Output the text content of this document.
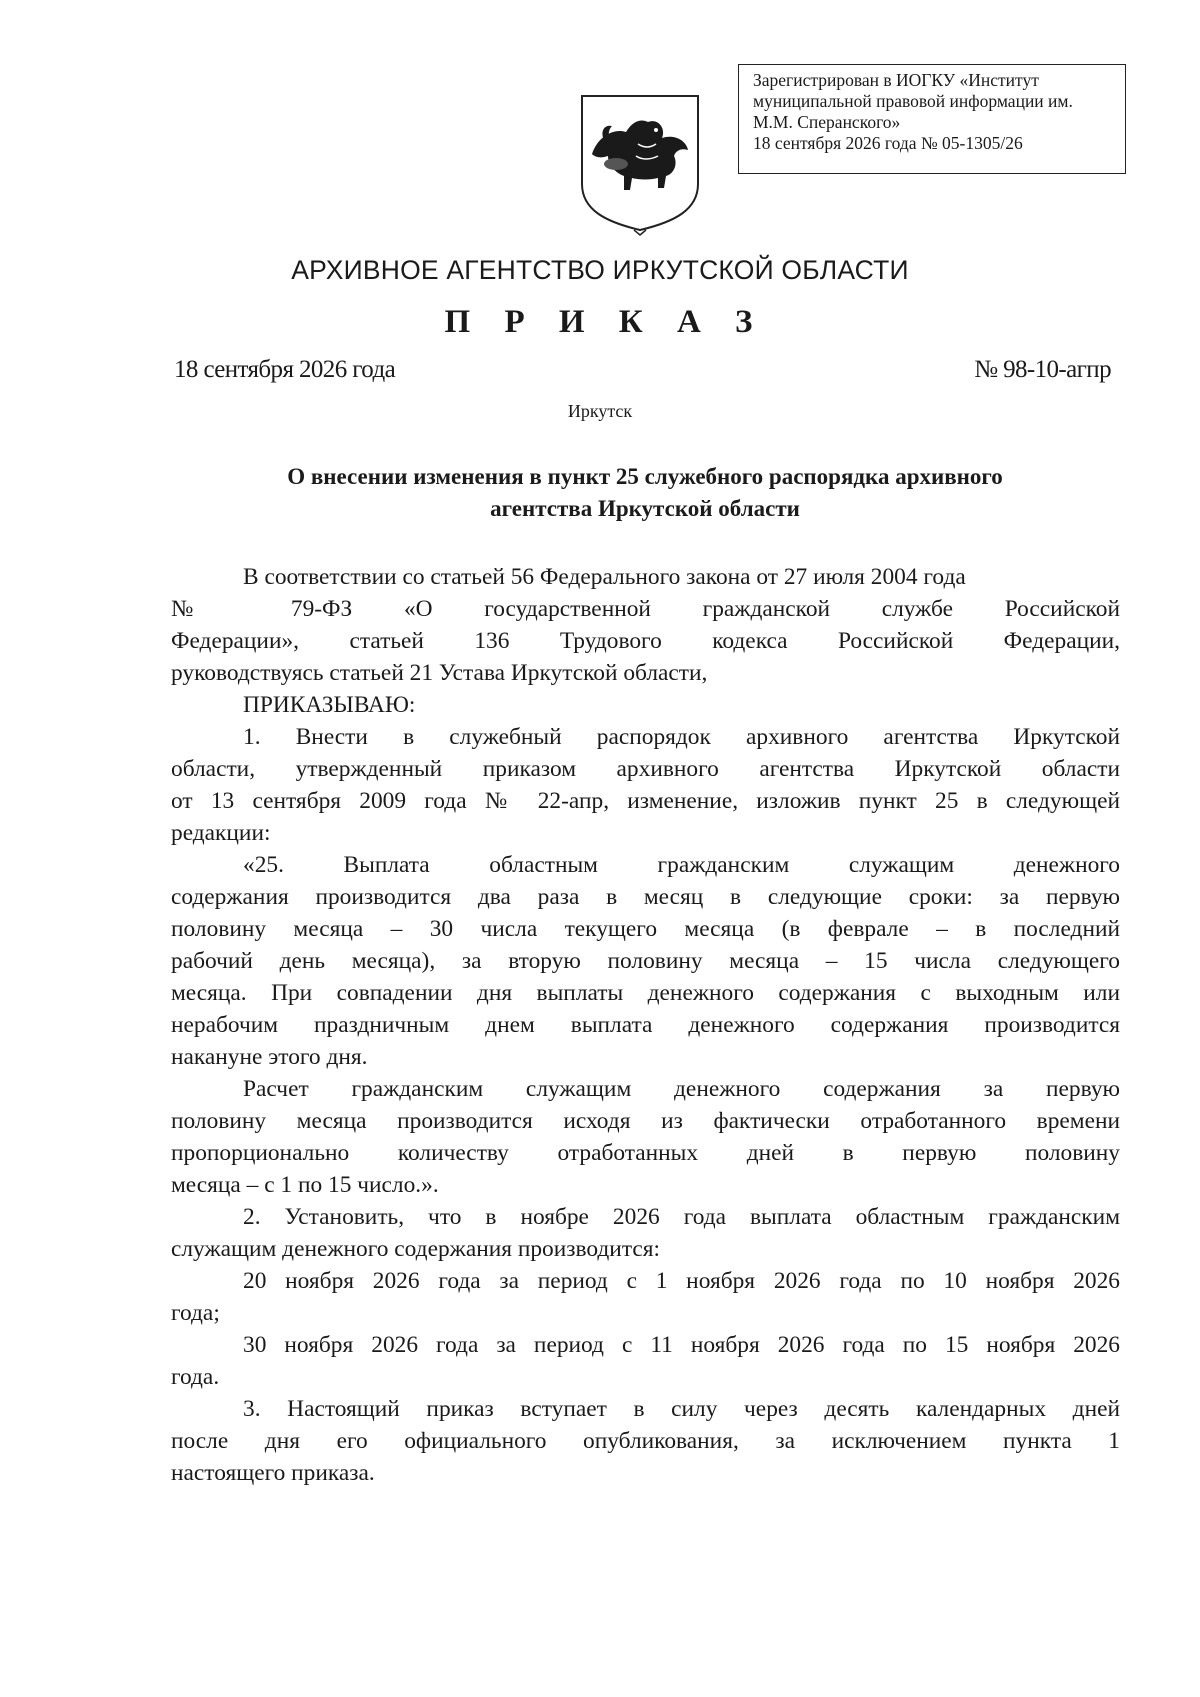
Зарегистрирован в ИОГКУ «Институт
муниципальной правовой информации им.
М.М. Сперанского»
18 сентября 2026 года № 05-1305/26
АРХИВНОЕ АГЕНТСТВО ИРКУТСКОЙ ОБЛАСТИ
П Р И К А З
18 сентября 2026 года	№ 98-10-агпр
Иркутск
О внесении изменения в пункт 25 служебного распорядка архивного
агентства Иркутской области
В соответствии со статьей 56 Федерального закона от 27 июля 2004 года
№ 79-ФЗ «О государственной гражданской службе Российской
Федерации», статьей 136 Трудового кодекса Российской Федерации,
руководствуясь статьей 21 Устава Иркутской области,
ПРИКАЗЫВАЮ:
1. Внести в служебный распорядок архивного агентства Иркутской
области, утвержденный приказом архивного агентства Иркутской области
от 13 сентября 2009 года № 22-апр, изменение, изложив пункт 25 в следующей
редакции:
«25. Выплата областным гражданским служащим денежного
содержания производится два раза в месяц в следующие сроки: за первую
половину месяца – 30 числа текущего месяца (в феврале – в последний
рабочий день месяца), за вторую половину месяца – 15 числа следующего
месяца. При совпадении дня выплаты денежного содержания с выходным или
нерабочим праздничным днем выплата денежного содержания производится
накануне этого дня.
Расчет гражданским служащим денежного содержания за первую
половину месяца производится исходя из фактически отработанного времени
пропорционально количеству отработанных дней в первую половину
месяца – с 1 по 15 число.».
2. Установить, что в ноябре 2026 года выплата областным гражданским
служащим денежного содержания производится:
20 ноября 2026 года за период с 1 ноября 2026 года по 10 ноября 2026
года;
30 ноября 2026 года за период с 11 ноября 2026 года по 15 ноября 2026
года.
3. Настоящий приказ вступает в силу через десять календарных дней
после дня его официального опубликования, за исключением пункта 1
настоящего приказа.
